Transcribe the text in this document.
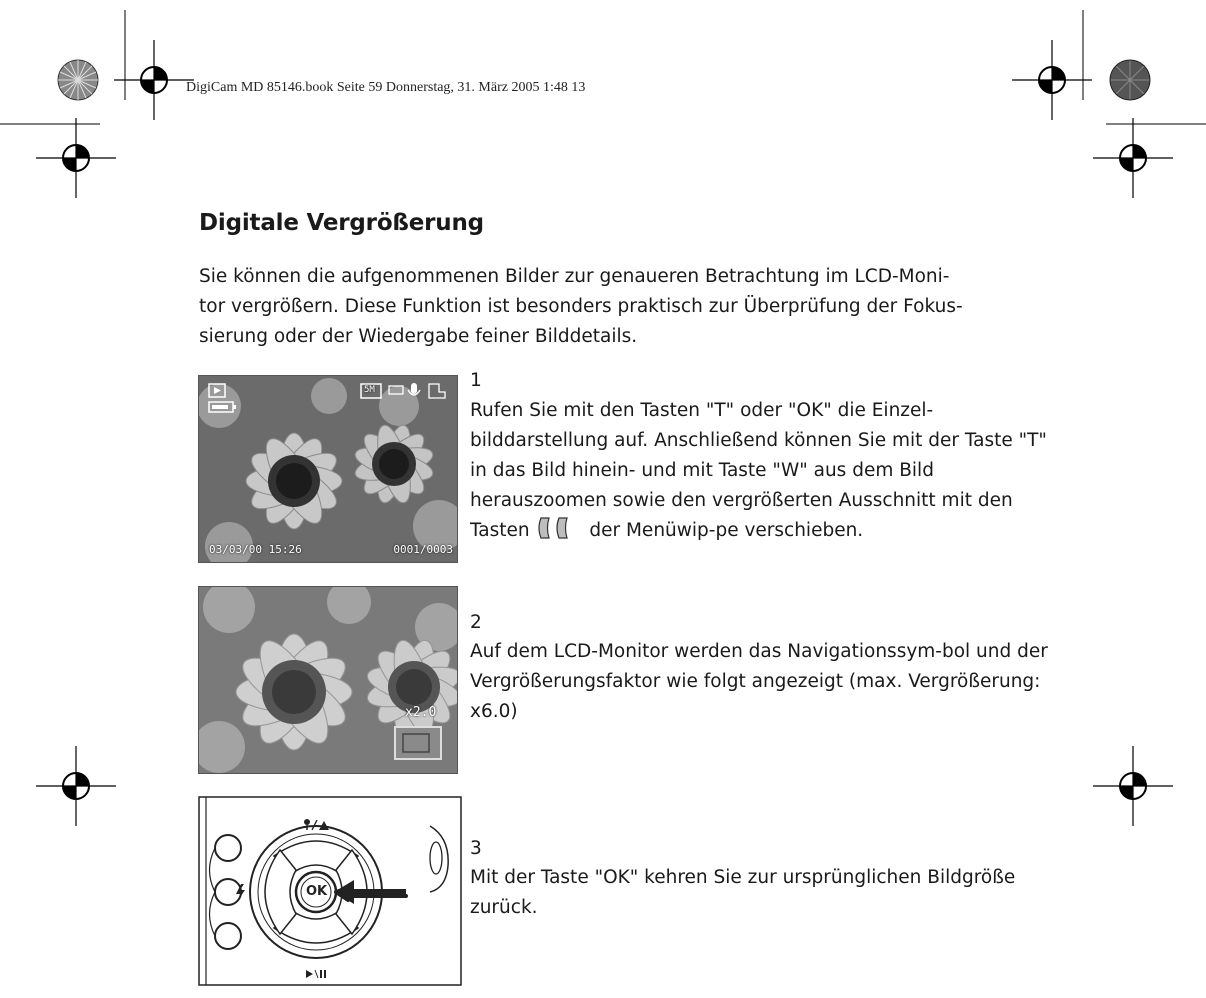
DigiCam MD 85146.book Seite 59 Donnerstag, 31. März 2005 1:48 13
Digitale Vergrößerung
Sie können die aufgenommenen Bilder zur genaueren Betrachtung im LCD-Moni-
tor vergrößern. Diese Funktion ist besonders praktisch zur Überprüfung der Fokus-
sierung oder der Wiedergabe feiner Bilddetails.
5M
03/03/00 15:26	0001/0003
1
Rufen Sie mit den Tasten "T" oder "OK" die Einzel-bilddarstellung auf. Anschließend können Sie mit der Taste "T" in das Bild hinein- und mit Taste "W" aus dem Bild herauszoomen sowie den vergrößerten Ausschnitt mit den Tasten	der Menüwip-pe verschieben.
x2.0
2
Auf dem LCD-Monitor werden das Navigationssym-bol und der Vergrößerungsfaktor wie folgt angezeigt (max. Vergrößerung: x6.0)
OK
3
Mit der Taste "OK" kehren Sie zur ursprünglichen Bildgröße zurück.
